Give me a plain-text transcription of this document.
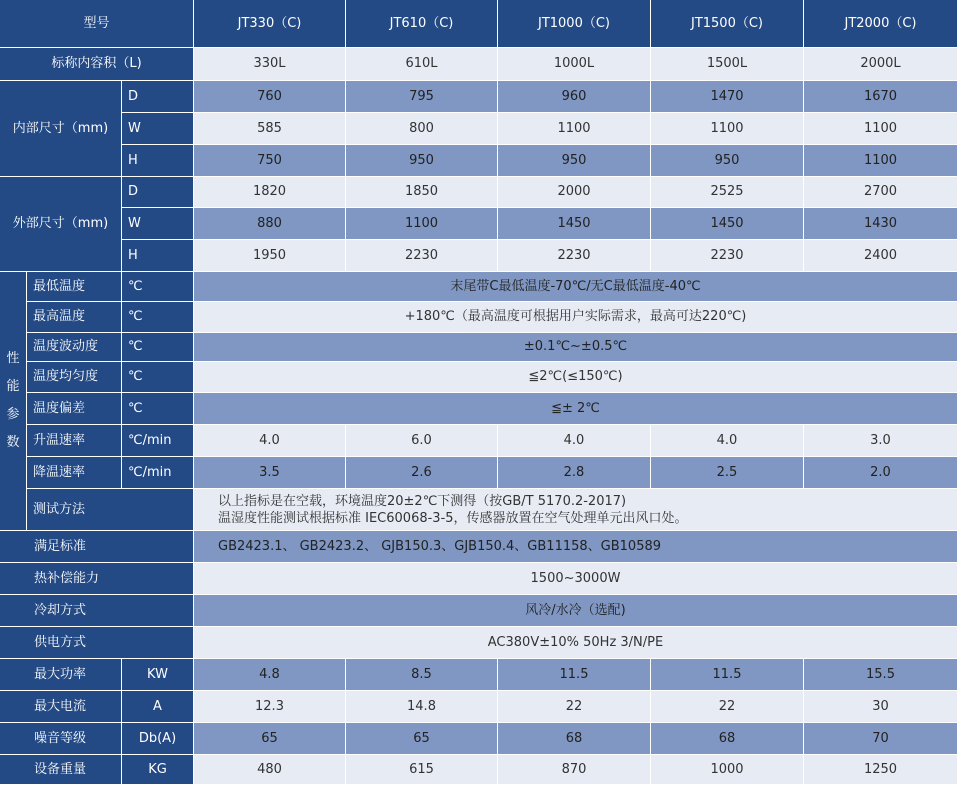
型号	JT330（C)	JT610（C)	JT1000（C)	JT1500（C)	JT2000（C)
标称内容积（L)	330L	610L	1000L	1500L	2000L
内部尺寸（mm)
D	760	795	960	1470	1670
W	585	800	1100	1100	1100
H	750	950	950	950	1100
外部尺寸（mm)
D	1820	1850	2000	2525	2700
W	880	1100	1450	1450	1430
H	1950	2230	2230	2230	2400
性
能
参
数
最低温度	℃	末尾带C最低温度-70℃/无C最低温度-40℃
最高温度	℃	+180℃（最高温度可根据用户实际需求，最高可达220℃)
温度波动度	℃	±0.1℃~±0.5℃
温度均匀度	℃	≦2℃(≤150℃)
温度偏差	℃	≦± 2℃
升温速率	℃/min	4.0	6.0	4.0	4.0	3.0
降温速率	℃/min	3.5	2.6	2.8	2.5	2.0
测试方法
以上指标是在空载，环境温度20±2℃下测得（按GB/T 5170.2-2017)
温湿度性能测试根据标准 IEC60068-3-5，传感器放置在空气处理单元出风口处。
满足标准	GB2423.1、 GB2423.2、 GJB150.3、GJB150.4、GB11158、GB10589
热补偿能力	1500~3000W
冷却方式	风冷/水冷（选配)
供电方式	AC380V±10% 50Hz 3/N/PE
最大功率	KW	4.8	8.5	11.5	11.5	15.5
最大电流	A	12.3	14.8	22	22	30
噪音等级	Db(A)	65	65	68	68	70
设备重量	KG	480	615	870	1000	1250
